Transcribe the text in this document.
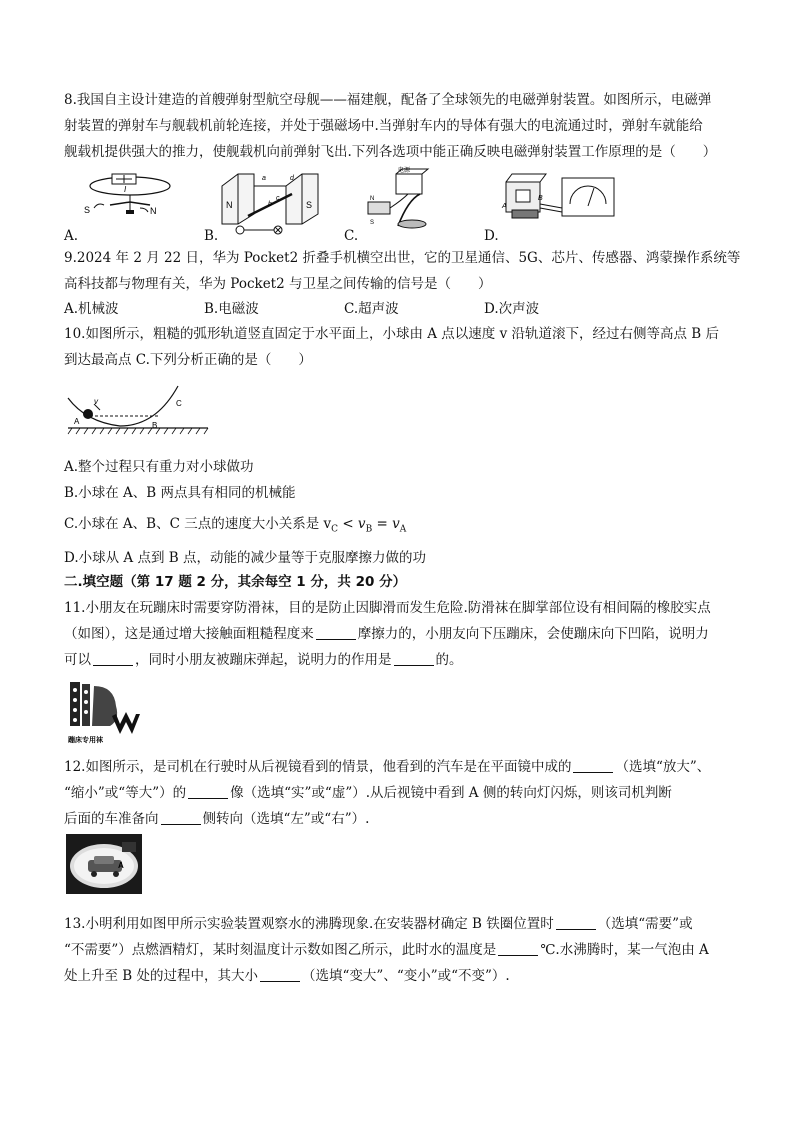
8.我国自主设计建造的首艘弹射型航空母舰——福建舰，配备了全球领先的电磁弹射装置。如图所示，电磁弹
射装置的弹射车与舰载机前轮连接，并处于强磁场中.当弹射车内的导体有强大的电流通过时，弹射车就能给
舰载机提供强大的推力，使舰载机向前弹射飞出.下列各选项中能正确反映电磁弹射装置工作原理的是（　　）
I
S	N
A.
N	S
a	d
b
c
B.
电源
N
S
C.
A
B
D.
9.2024 年 2 月 22 日，华为 Pocket2 折叠手机横空出世，它的卫星通信、5G、芯片、传感器、鸿蒙操作系统等
高科技都与物理有关，华为 Pocket2 与卫星之间传输的信号是（　　）
A.机械波	B.电磁波	C.超声波	D.次声波
10.如图所示，粗糙的弧形轨道竖直固定于水平面上，小球由 A 点以速度 v 沿轨道滚下，经过右侧等高点 B 后
到达最高点 C.下列分析正确的是（　　）
v
A	B
C
A.整个过程只有重力对小球做功
B.小球在 A、B 两点具有相同的机械能
C.小球在 A、B、C 三点的速度大小关系是 $v_C < v_B = v_A$
D.小球从 A 点到 B 点，动能的减少量等于克服摩擦力做的功
二.填空题（第 17 题 2 分，其余每空 1 分，共 20 分）
11.小朋友在玩蹦床时需要穿防滑袜，目的是防止因脚滑而发生危险.防滑袜在脚掌部位设有相间隔的橡胶实点
（如图），这是通过增大接触面粗糙程度来	摩擦力的，小朋友向下压蹦床，会使蹦床向下凹陷，说明力
可以	，同时小朋友被蹦床弹起，说明力的作用是	的。
蹦床专用袜
12.如图所示，是司机在行驶时从后视镜看到的情景，他看到的汽车是在平面镜中成的	（选填“放大”、
“缩小”或“等大”）的	像（选填“实”或“虚”）.从后视镜中看到 A 侧的转向灯闪烁，则该司机判断
后面的车准备向	侧转向（选填“左”或“右”）.
A
13.小明利用如图甲所示实验装置观察水的沸腾现象.在安装器材确定 B 铁圈位置时	（选填“需要”或
“不需要”）点燃酒精灯，某时刻温度计示数如图乙所示，此时水的温度是	℃.水沸腾时，某一气泡由 A
处上升至 B 处的过程中，其大小	（选填“变大”、“变小”或“不变”）.
